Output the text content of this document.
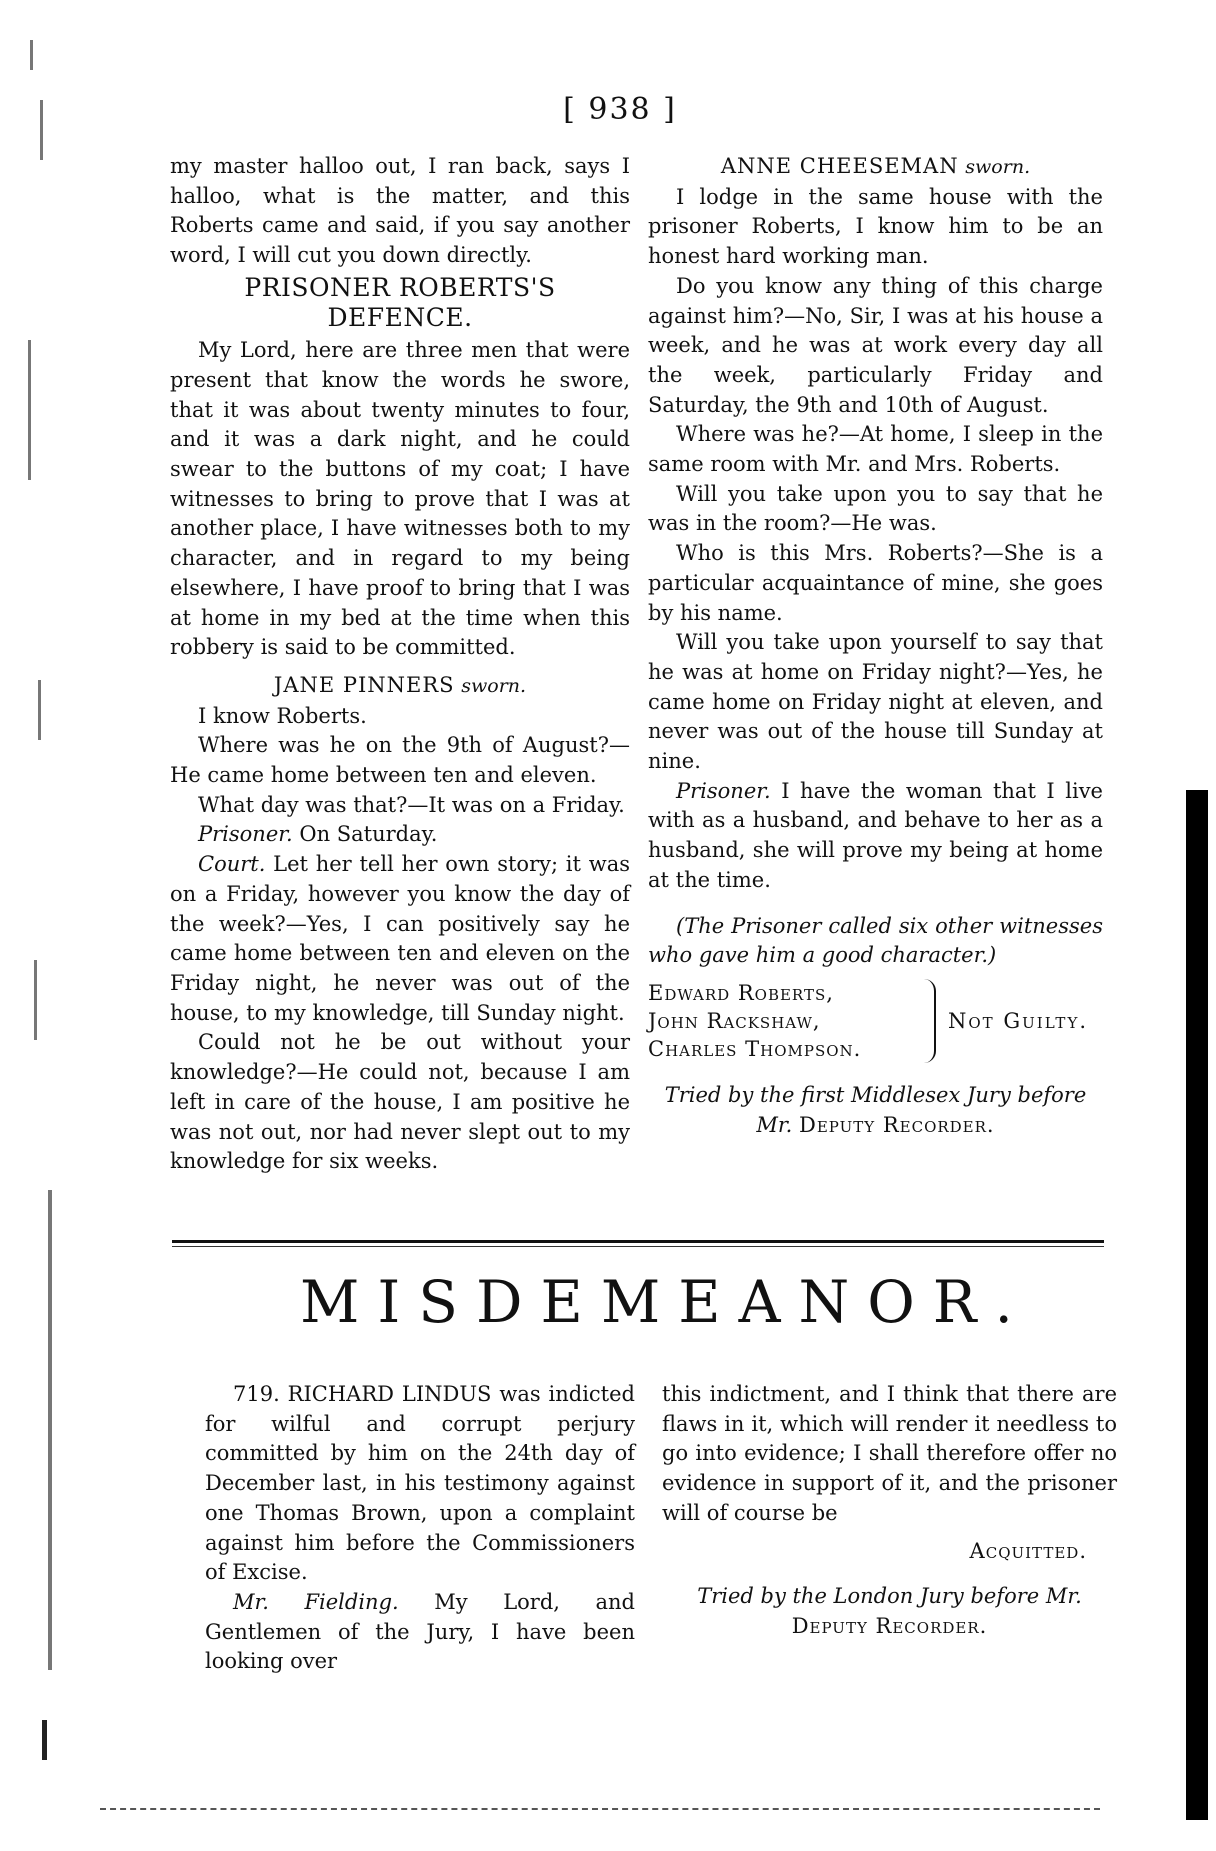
[ 938 ]

my master halloo out, I ran back, says I halloo, what is the matter, and this Roberts came and said, if you say another word, I will cut you down directly.

PRISONER ROBERTS'S DEFENCE.

My Lord, here are three men that were present that know the words he swore, that it was about twenty minutes to four, and it was a dark night, and he could swear to the buttons of my coat; I have witnesses to bring to prove that I was at another place, I have witnesses both to my character, and in regard to my being elsewhere, I have proof to bring that I was at home in my bed at the time when this robbery is said to be committed.

JANE PINNERS sworn.

I know Roberts.

Where was he on the 9th of August?—He came home between ten and eleven.

What day was that?—It was on a Friday.

Prisoner. On Saturday.

Court. Let her tell her own story; it was on a Friday, however you know the day of the week?—Yes, I can positively say he came home between ten and eleven on the Friday night, he never was out of the house, to my knowledge, till Sunday night.

Could not he be out without your knowledge?—He could not, because I am left in care of the house, I am positive he was not out, nor had never slept out to my knowledge for six weeks.

ANNE CHEESEMAN sworn.

I lodge in the same house with the prisoner Roberts, I know him to be an honest hard working man.

Do you know any thing of this charge against him?—No, Sir, I was at his house a week, and he was at work every day all the week, particularly Friday and Saturday, the 9th and 10th of August.

Where was he?—At home, I sleep in the same room with Mr. and Mrs. Roberts.

Will you take upon you to say that he was in the room?—He was.

Who is this Mrs. Roberts?—She is a particular acquaintance of mine, she goes by his name.

Will you take upon yourself to say that he was at home on Friday night?—Yes, he came home on Friday night at eleven, and never was out of the house till Sunday at nine.

Prisoner. I have the woman that I live with as a husband, and behave to her as a husband, she will prove my being at home at the time.

(The Prisoner called six other witnesses who gave him a good character.)

Edward Roberts,
John Rackshaw,
Charles Thompson.
Not Guilty.

Tried by the first Middlesex Jury before

Mr. Deputy Recorder.

MISDEMEANOR.

719. RICHARD LINDUS was indicted for wilful and corrupt perjury committed by him on the 24th day of December last, in his testimony against one Thomas Brown, upon a complaint against him before the Commissioners of Excise.

Mr. Fielding. My Lord, and Gentlemen of the Jury, I have been looking over

this indictment, and I think that there are flaws in it, which will render it needless to go into evidence; I shall therefore offer no evidence in support of it, and the prisoner will of course be

Acquitted.

Tried by the London Jury before Mr.

Deputy Recorder.
